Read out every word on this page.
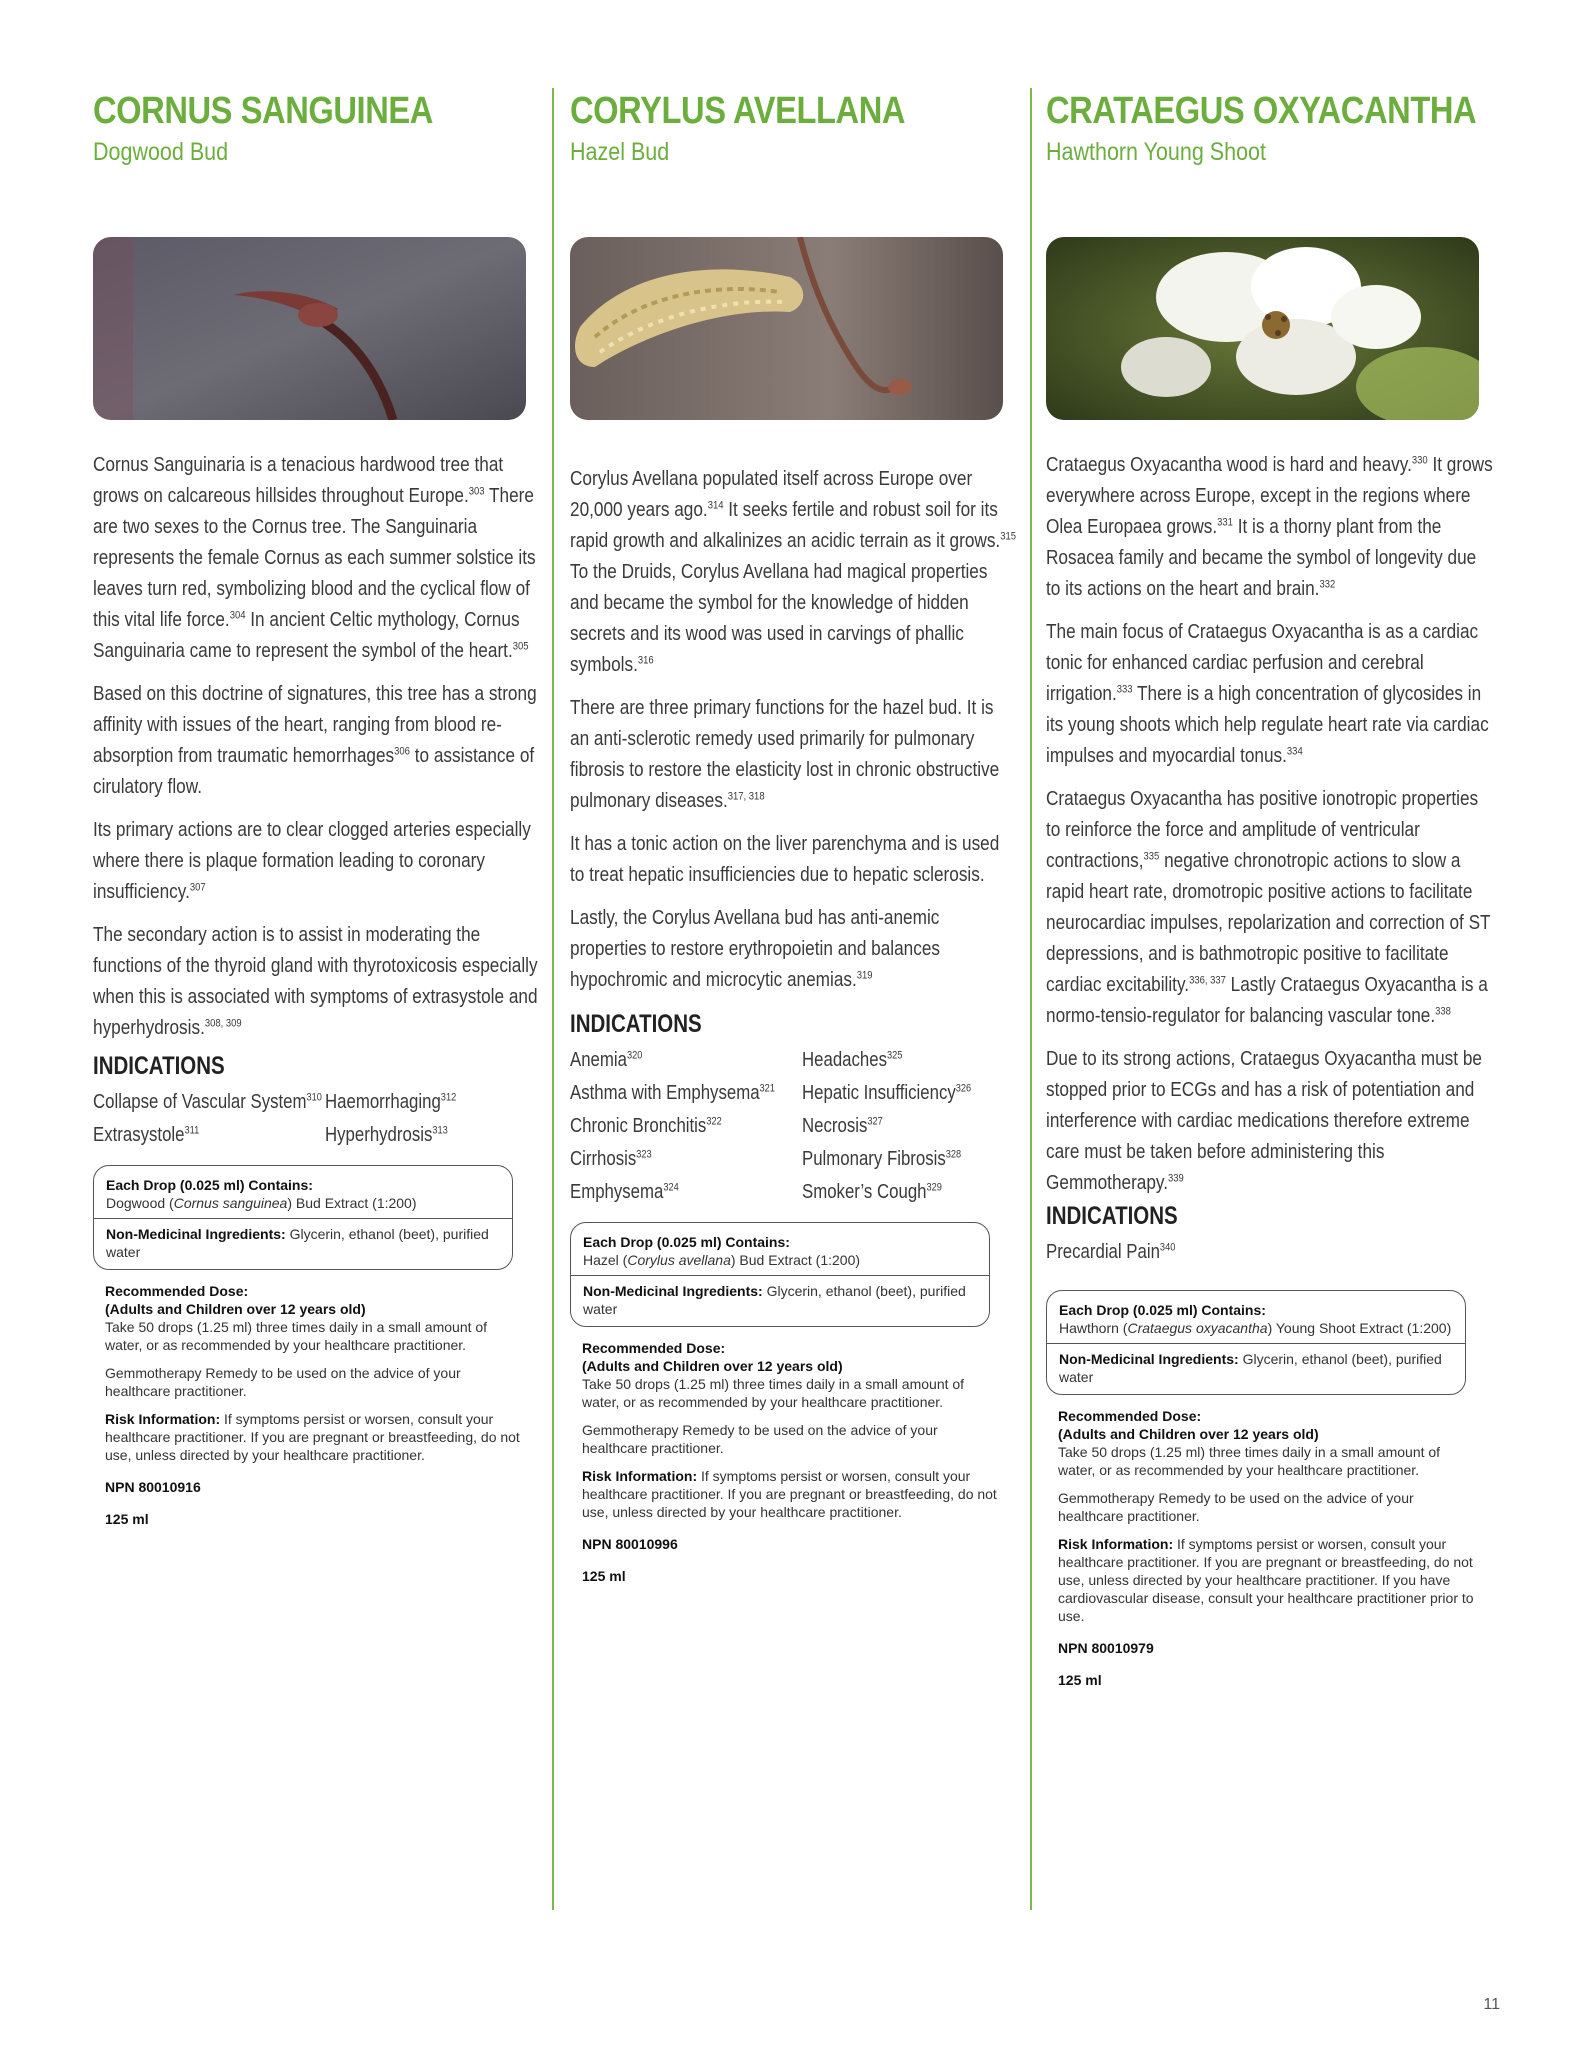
CORNUS SANGUINEA
Dogwood Bud

Cornus Sanguinaria is a tenacious hardwood tree that grows on calcareous hillsides throughout Europe.$^{303}$ There are two sexes to the Cornus tree. The Sanguinaria represents the female Cornus as each summer solstice its leaves turn red, symbolizing blood and the cyclical flow of this vital life force.$^{304}$ In ancient Celtic mythology, Cornus Sanguinaria came to represent the symbol of the heart.$^{305}$

Based on this doctrine of signatures, this tree has a strong affinity with issues of the heart, ranging from blood re-absorption from traumatic hemorrhages$^{306}$ to assistance of cirulatory flow.

Its primary actions are to clear clogged arteries especially where there is plaque formation leading to coronary insufficiency.$^{307}$

The secondary action is to assist in moderating the functions of the thyroid gland with thyrotoxicosis especially when this is associated with symptoms of extrasystole and hyperhydrosis.$^{308, 309}$

INDICATIONS
Collapse of Vascular System$^{310}$ Haemorrhaging$^{312}$
Extrasystole$^{311}$	Hyperhydrosis$^{313}$
Each Drop (0.025 ml) Contains:
Dogwood (Cornus sanguinea) Bud Extract (1:200)
Non-Medicinal Ingredients: Glycerin, ethanol (beet), purified water

Recommended Dose:
(Adults and Children over 12 years old)
Take 50 drops (1.25 ml) three times daily in a small amount of water, or as recommended by your healthcare practitioner.

Gemmotherapy Remedy to be used on the advice of your healthcare practitioner.

Risk Information: If symptoms persist or worsen, consult your healthcare practitioner. If you are pregnant or breastfeeding, do not use, unless directed by your healthcare practitioner.

NPN 80010916

125 ml

CORYLUS AVELLANA
Hazel Bud

Corylus Avellana populated itself across Europe over 20,000 years ago.$^{314}$ It seeks fertile and robust soil for its rapid growth and alkalinizes an acidic terrain as it grows.$^{315}$ To the Druids, Corylus Avellana had magical properties and became the symbol for the knowledge of hidden secrets and its wood was used in carvings of phallic symbols.$^{316}$

There are three primary functions for the hazel bud. It is an anti-sclerotic remedy used primarily for pulmonary fibrosis to restore the elasticity lost in chronic obstructive pulmonary diseases.$^{317, 318}$

It has a tonic action on the liver parenchyma and is used to treat hepatic insufficiencies due to hepatic sclerosis.

Lastly, the Corylus Avellana bud has anti-anemic properties to restore erythropoietin and balances hypochromic and microcytic anemias.$^{319}$

INDICATIONS
Anemia$^{320}$	Headaches$^{325}$
Asthma with Emphysema$^{321}$ Hepatic Insufficiency$^{326}$
Chronic Bronchitis$^{322}$	Necrosis$^{327}$
Cirrhosis$^{323}$	Pulmonary Fibrosis$^{328}$
Emphysema$^{324}$	Smoker’s Cough$^{329}$
Each Drop (0.025 ml) Contains:
Hazel (Corylus avellana) Bud Extract (1:200)
Non-Medicinal Ingredients: Glycerin, ethanol (beet), purified water

Recommended Dose:
(Adults and Children over 12 years old)
Take 50 drops (1.25 ml) three times daily in a small amount of water, or as recommended by your healthcare practitioner.

Gemmotherapy Remedy to be used on the advice of your healthcare practitioner.

Risk Information: If symptoms persist or worsen, consult your healthcare practitioner. If you are pregnant or breastfeeding, do not use, unless directed by your healthcare practitioner.

NPN 80010996

125 ml

CRATAEGUS OXYACANTHA
Hawthorn Young Shoot

Crataegus Oxyacantha wood is hard and heavy.$^{330}$ It grows everywhere across Europe, except in the regions where Olea Europaea grows.$^{331}$ It is a thorny plant from the Rosacea family and became the symbol of longevity due to its actions on the heart and brain.$^{332}$

The main focus of Crataegus Oxyacantha is as a cardiac tonic for enhanced cardiac perfusion and cerebral irrigation.$^{333}$ There is a high concentration of glycosides in its young shoots which help regulate heart rate via cardiac impulses and myocardial tonus.$^{334}$

Crataegus Oxyacantha has positive ionotropic properties to reinforce the force and amplitude of ventricular contractions,$^{335}$ negative chronotropic actions to slow a rapid heart rate, dromotropic positive actions to facilitate neurocardiac impulses, repolarization and correction of ST depressions, and is bathmotropic positive to facilitate cardiac excitability.$^{336, 337}$ Lastly Crataegus Oxyacantha is a normo-tensio-regulator for balancing vascular tone.$^{338}$

Due to its strong actions, Crataegus Oxyacantha must be stopped prior to ECGs and has a risk of potentiation and interference with cardiac medications therefore extreme care must be taken before administering this Gemmotherapy.$^{339}$

INDICATIONS
Precardial Pain$^{340}$
Each Drop (0.025 ml) Contains:
Hawthorn (Crataegus oxyacantha) Young Shoot Extract (1:200)
Non-Medicinal Ingredients: Glycerin, ethanol (beet), purified water

Recommended Dose:
(Adults and Children over 12 years old)
Take 50 drops (1.25 ml) three times daily in a small amount of water, or as recommended by your healthcare practitioner.

Gemmotherapy Remedy to be used on the advice of your healthcare practitioner.

Risk Information: If symptoms persist or worsen, consult your healthcare practitioner. If you are pregnant or breastfeeding, do not use, unless directed by your healthcare practitioner. If you have cardiovascular disease, consult your healthcare practitioner prior to use.

NPN 80010979

125 ml

11
